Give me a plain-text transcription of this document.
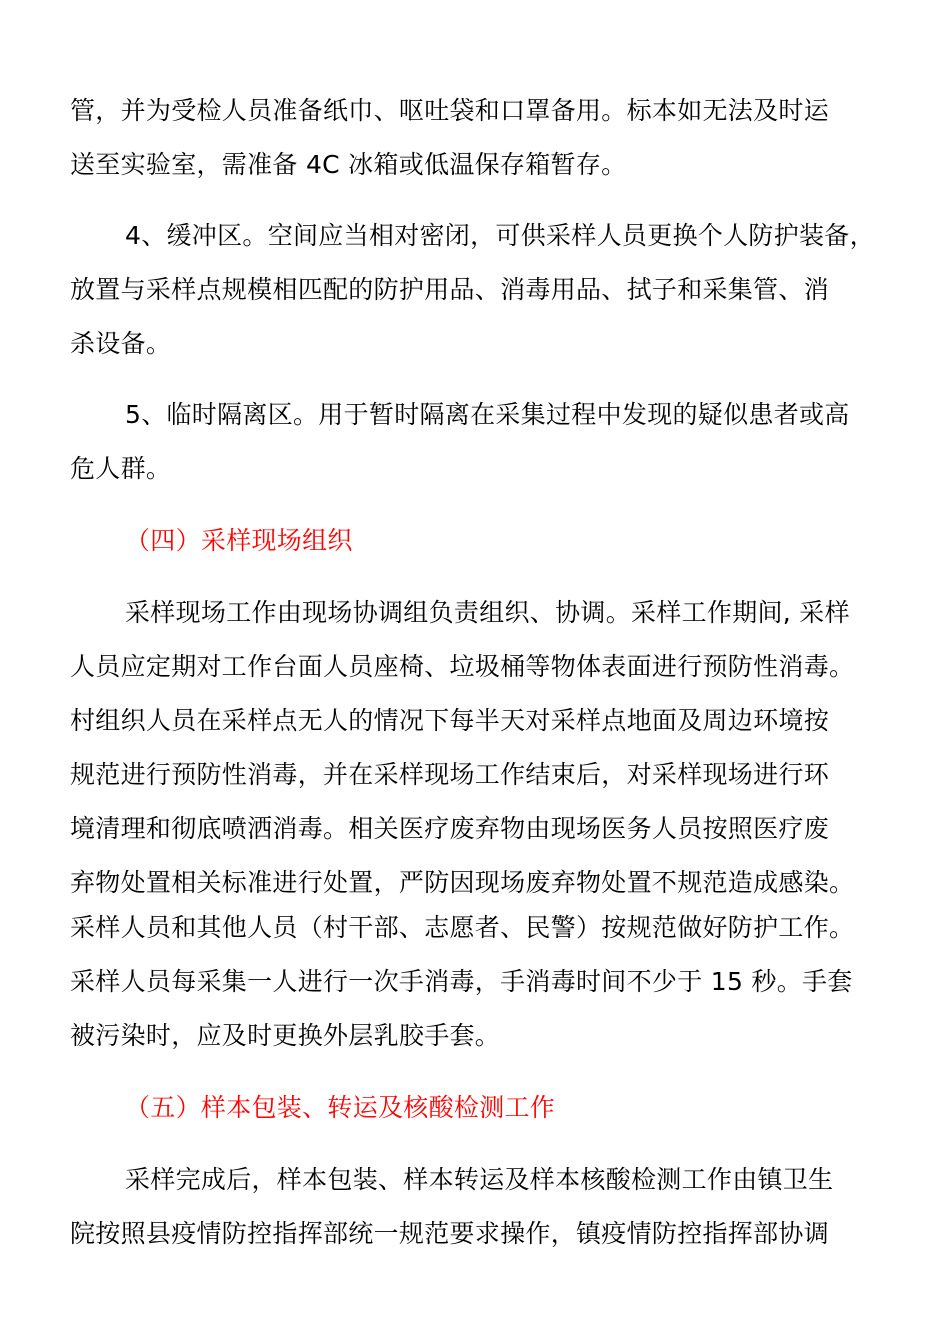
管，并为受检人员准备纸巾、呕吐袋和口罩备用。标本如无法及时运
送至实验室，需准备 4C 冰箱或低温保存箱暂存。
4、缓冲区。空间应当相对密闭，可供采样人员更换个人防护装备，
放置与采样点规模相匹配的防护用品、消毒用品、拭子和采集管、消
杀设备。
5、临时隔离区。用于暂时隔离在采集过程中发现的疑似患者或高
危人群。
（四）采样现场组织
采样现场工作由现场协调组负责组织、协调。采样工作期间, 采样
人员应定期对工作台面人员座椅、垃圾桶等物体表面进行预防性消毒。
村组织人员在采样点无人的情况下每半天对采样点地面及周边环境按
规范进行预防性消毒，并在采样现场工作结束后，对采样现场进行环
境清理和彻底喷洒消毒。相关医疗废弃物由现场医务人员按照医疗废
弃物处置相关标准进行处置，严防因现场废弃物处置不规范造成感染。
采样人员和其他人员（村干部、志愿者、民警）按规范做好防护工作。
采样人员每采集一人进行一次手消毒，手消毒时间不少于 15 秒。手套
被污染时，应及时更换外层乳胶手套。
（五）样本包装、转运及核酸检测工作
采样完成后，样本包装、样本转运及样本核酸检测工作由镇卫生
院按照县疫情防控指挥部统一规范要求操作，镇疫情防控指挥部协调
